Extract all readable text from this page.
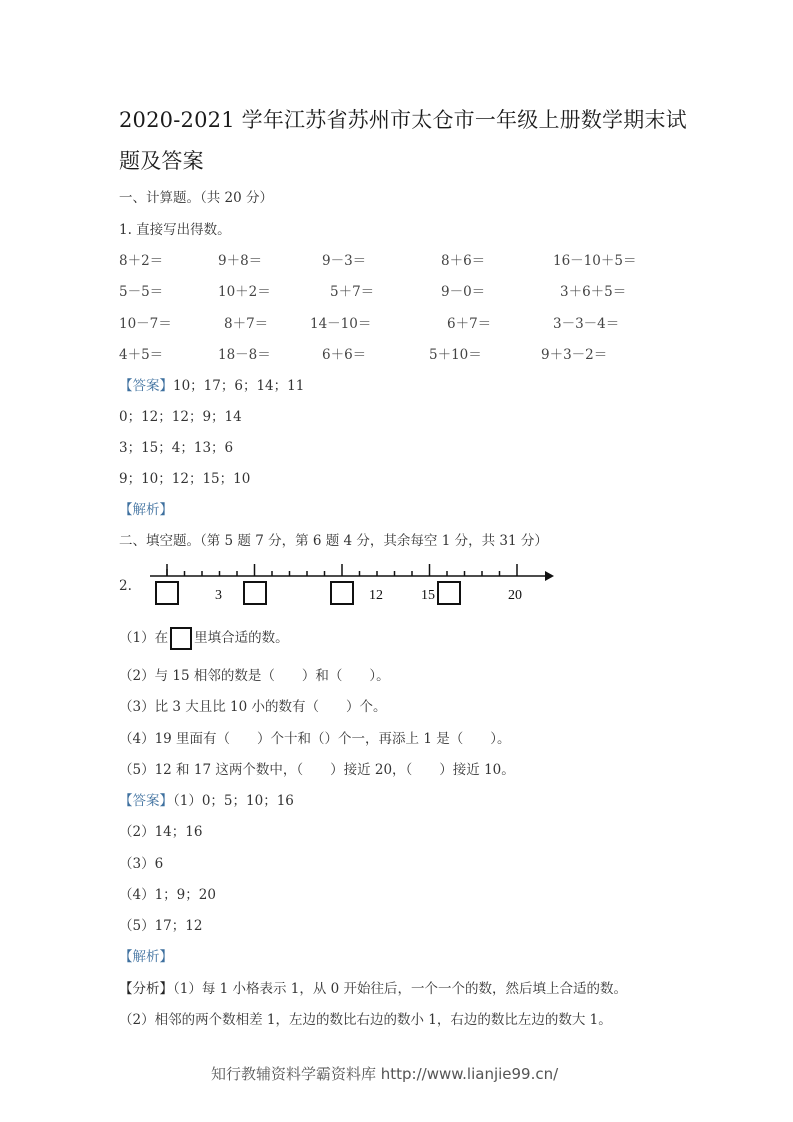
2020-2021 学年江苏省苏州市太仓市一年级上册数学期末试
题及答案
一、计算题。（共 20 分）
1. 直接写出得数。
8＋2＝	9＋8＝	9－3＝	8＋6＝	16－10＋5＝
5－5＝	10＋2＝	5＋7＝	9－0＝	3＋6＋5＝
10－7＝	8＋7＝	14－10＝	6＋7＝	3－3－4＝
4＋5＝	18－8＝	6＋6＝	5＋10＝	9＋3－2＝
【答案】10；17；6；14；11
0；12；12；9；14
3；15；4；13；6
9；10；12；15；10
【解析】
二、填空题。（第 5 题 7 分，第 6 题 4 分，其余每空 1 分，共 31 分）
2.
3	12	15	20
（1）在 里填合适的数。
（2）与 15 相邻的数是（　　）和（　　）。
（3）比 3 大且比 10 小的数有（　　）个。
（4）19 里面有（　　）个十和（）个一，再添上 1 是（　　）。
（5）12 和 17 这两个数中，（　　）接近 20，（　　）接近 10。
【答案】（1）0；5；10；16
（2）14；16
（3）6
（4）1；9；20
（5）17；12
【解析】
【分析】（1）每 1 小格表示 1，从 0 开始往后，一个一个的数，然后填上合适的数。
（2）相邻的两个数相差 1，左边的数比右边的数小 1，右边的数比左边的数大 1。
知行教辅资料学霸资料库 http://www.lianjie99.cn/
